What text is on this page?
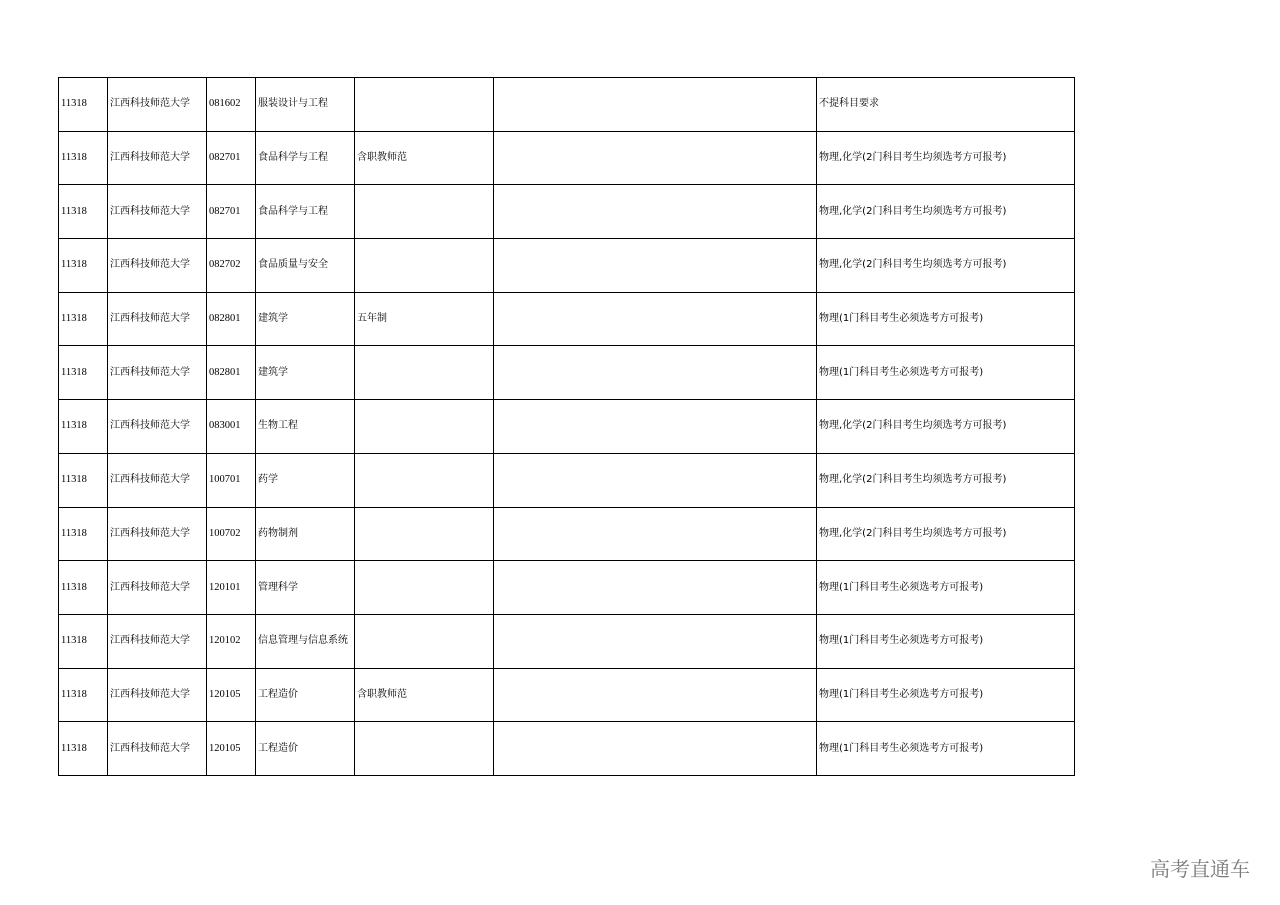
11318	江西科技师范大学	081602	服装设计与工程			不提科目要求
11318	江西科技师范大学	082701	食品科学与工程	含职教师范		物理,化学(2门科目考生均须选考方可报考)
11318	江西科技师范大学	082701	食品科学与工程			物理,化学(2门科目考生均须选考方可报考)
11318	江西科技师范大学	082702	食品质量与安全			物理,化学(2门科目考生均须选考方可报考)
11318	江西科技师范大学	082801	建筑学	五年制		物理(1门科目考生必须选考方可报考)
11318	江西科技师范大学	082801	建筑学			物理(1门科目考生必须选考方可报考)
11318	江西科技师范大学	083001	生物工程			物理,化学(2门科目考生均须选考方可报考)
11318	江西科技师范大学	100701	药学			物理,化学(2门科目考生均须选考方可报考)
11318	江西科技师范大学	100702	药物制剂			物理,化学(2门科目考生均须选考方可报考)
11318	江西科技师范大学	120101	管理科学			物理(1门科目考生必须选考方可报考)
11318	江西科技师范大学	120102	信息管理与信息系统			物理(1门科目考生必须选考方可报考)
11318	江西科技师范大学	120105	工程造价	含职教师范		物理(1门科目考生必须选考方可报考)
11318	江西科技师范大学	120105	工程造价			物理(1门科目考生必须选考方可报考)
高考直通车
